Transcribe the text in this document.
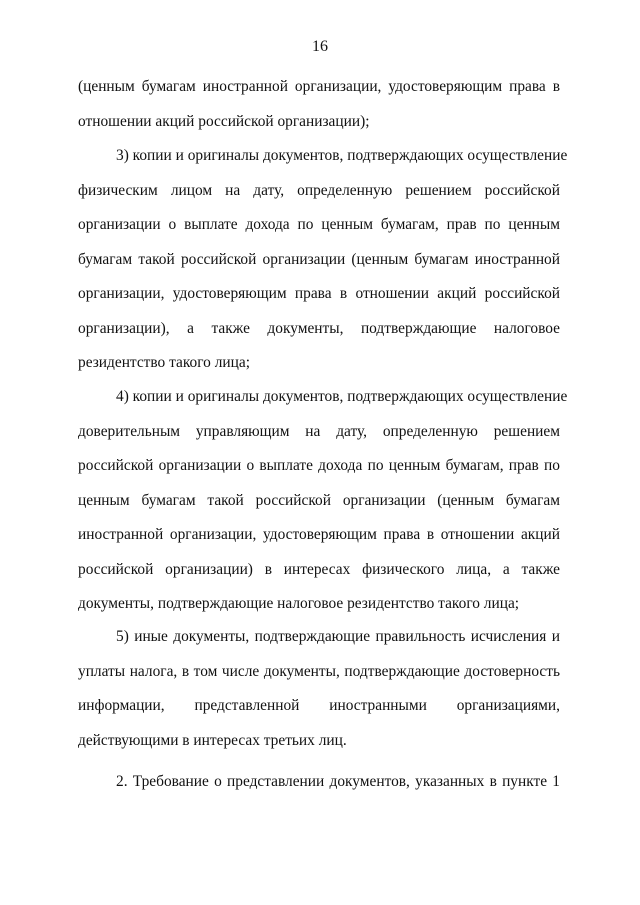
16
(ценным бумагам иностранной организации, удостоверяющим права в
отношении акций российской организации);
3) копии и оригиналы документов, подтверждающих осуществление
физическим лицом на дату, определенную решением российской
организации о выплате дохода по ценным бумагам, прав по ценным
бумагам такой российской организации (ценным бумагам иностранной
организации, удостоверяющим права в отношении акций российской
организации), а также документы, подтверждающие налоговое
резидентство такого лица;
4) копии и оригиналы документов, подтверждающих осуществление
доверительным управляющим на дату, определенную решением
российской организации о выплате дохода по ценным бумагам, прав по
ценным бумагам такой российской организации (ценным бумагам
иностранной организации, удостоверяющим права в отношении акций
российской организации) в интересах физического лица, а также
документы, подтверждающие налоговое резидентство такого лица;
5) иные документы, подтверждающие правильность исчисления и
уплаты налога, в том числе документы, подтверждающие достоверность
информации, представленной иностранными организациями,
действующими в интересах третьих лиц.
2. Требование о представлении документов, указанных в пункте 1
